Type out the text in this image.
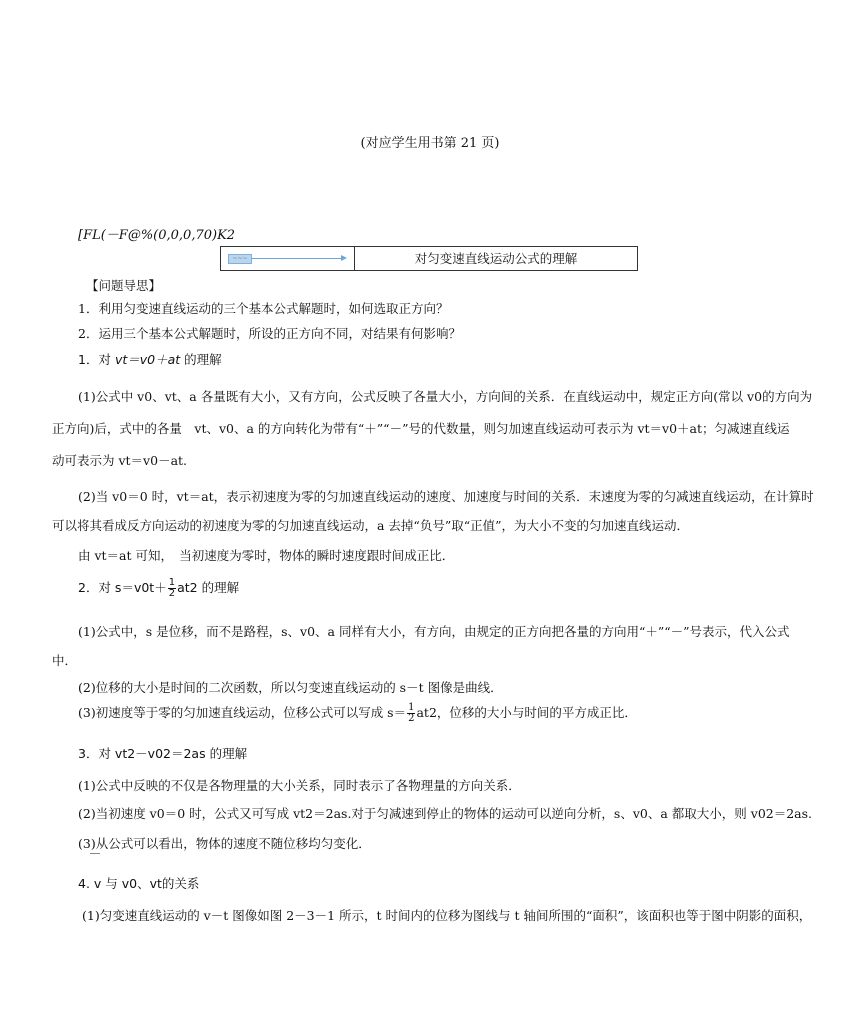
(对应学生用书第 21 页)
[FL(－F@%(0,0,0,70)K2
~~~	对匀变速直线运动公式的理解
【问题导思】
1．利用匀变速直线运动的三个基本公式解题时，如何选取正方向？
2．运用三个基本公式解题时，所设的正方向不同，对结果有何影响？
1．对 vt＝v0＋at 的理解
(1)公式中 v0、vt、a 各量既有大小，又有方向，公式反映了各量大小，方向间的关系．在直线运动中，规定正方向(常以 v0的方向为
正方向)后，式中的各量　vt、v0、a 的方向转化为带有“＋”“－”号的代数量，则匀加速直线运动可表示为 vt＝v0＋at；匀减速直线运
动可表示为 vt＝v0－at.
(2)当 v0＝0 时，vt＝at，表示初速度为零的匀加速直线运动的速度、加速度与时间的关系．末速度为零的匀减速直线运动，在计算时
可以将其看成反方向运动的初速度为零的匀加速直线运动，a 去掉“负号”取“正值”，为大小不变的匀加速直线运动．
由 vt＝at 可知，　当初速度为零时，物体的瞬时速度跟时间成正比．
2．对 $s=v0t+ \frac{1}{2} at2$ 的理解
(1)公式中，s 是位移，而不是路程，s、v0、a 同样有大小，有方向，由规定的正方向把各量的方向用“＋”“－”号表示，代入公式
中．
(2)位移的大小是时间的二次函数，所以匀变速直线运动的 s－t 图像是曲线．
(3)初速度等于零的匀加速直线运动，位移公式可以写成 $s= \frac{1}{2} at2$，位移的大小与时间的平方成正比．
3．对 vt2－v02＝2as 的理解
(1)公式中反映的不仅是各物理量的大小关系，同时表示了各物理量的方向关系．
(2)当初速度 v0＝0 时，公式又可写成 vt2＝2as.对于匀减速到停止的物体的运动可以逆向分析，s、v0、a 都取大小，则 v02＝2as.
(3)从公式可以看出，物体的速度不随位移均匀变化．
4. v 与 v0、vt的关系
(1)匀变速直线运动的 v－t 图像如图 2－3－1 所示，t 时间内的位移为图线与 t 轴间所围的“面积”，该面积也等于图中阴影的面积，
